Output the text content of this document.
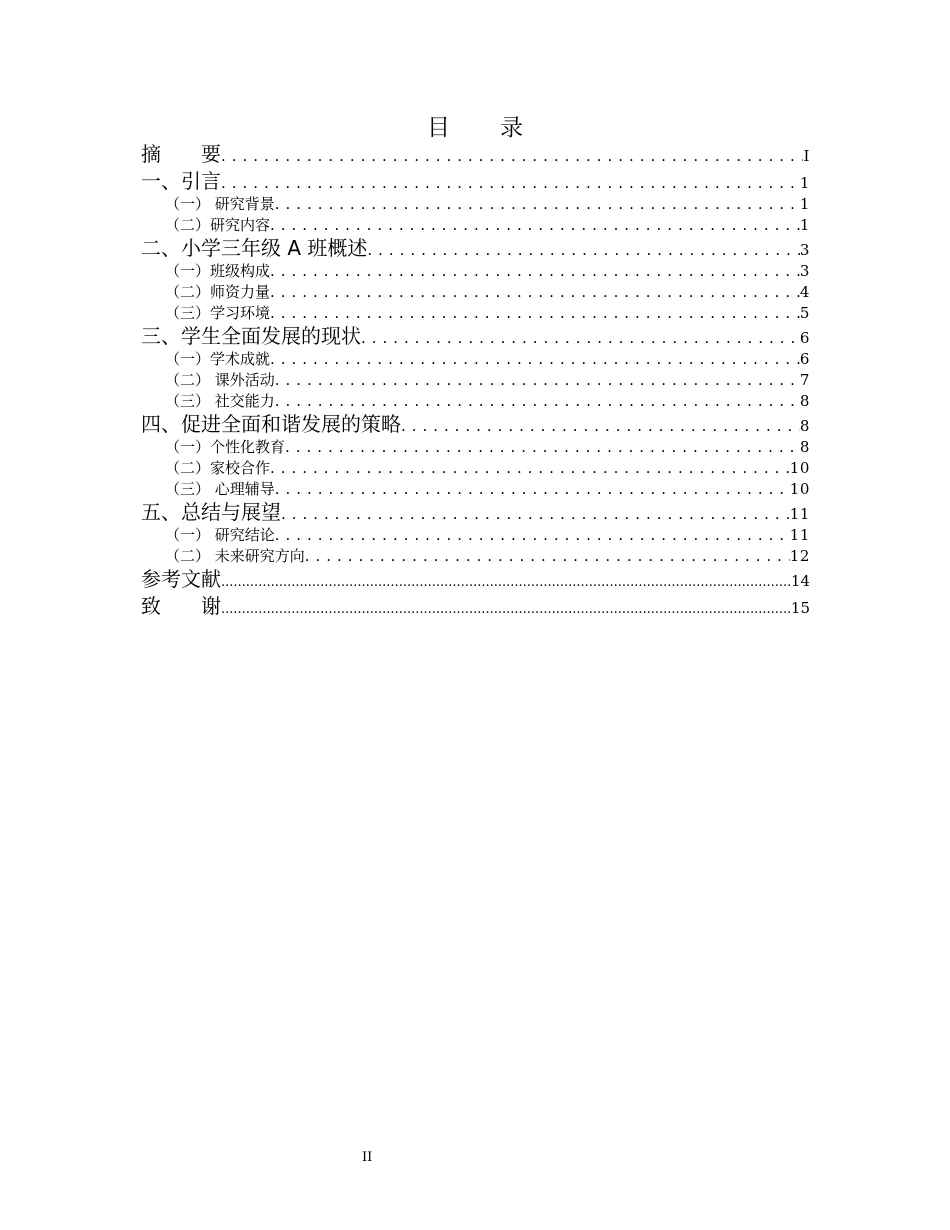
目 录
摘　　要 . . .	I
一、引言 . . .	1
（一） 研究背景 . . .	1
（二）研究内容 . . .	1
二、小学三年级 A 班概述 . . .	3
（一）班级构成 . . .	3
（二）师资力量 . . .	4
（三）学习环境 . . .	5
三、学生全面发展的现状 . . .	6
（一）学术成就 . . .	6
（二） 课外活动 . . .	7
（三） 社交能力 . . .	8
四、促进全面和谐发展的策略 . . .	8
（一）个性化教育 . . .	8
（二）家校合作 . . .	10
（三） 心理辅导 . . .	10
五、总结与展望 . . .	11
（一） 研究结论 . . .	11
（二） 未来研究方向 . . .	12
参考文献 .....	14
致　　谢 .....	15
II
